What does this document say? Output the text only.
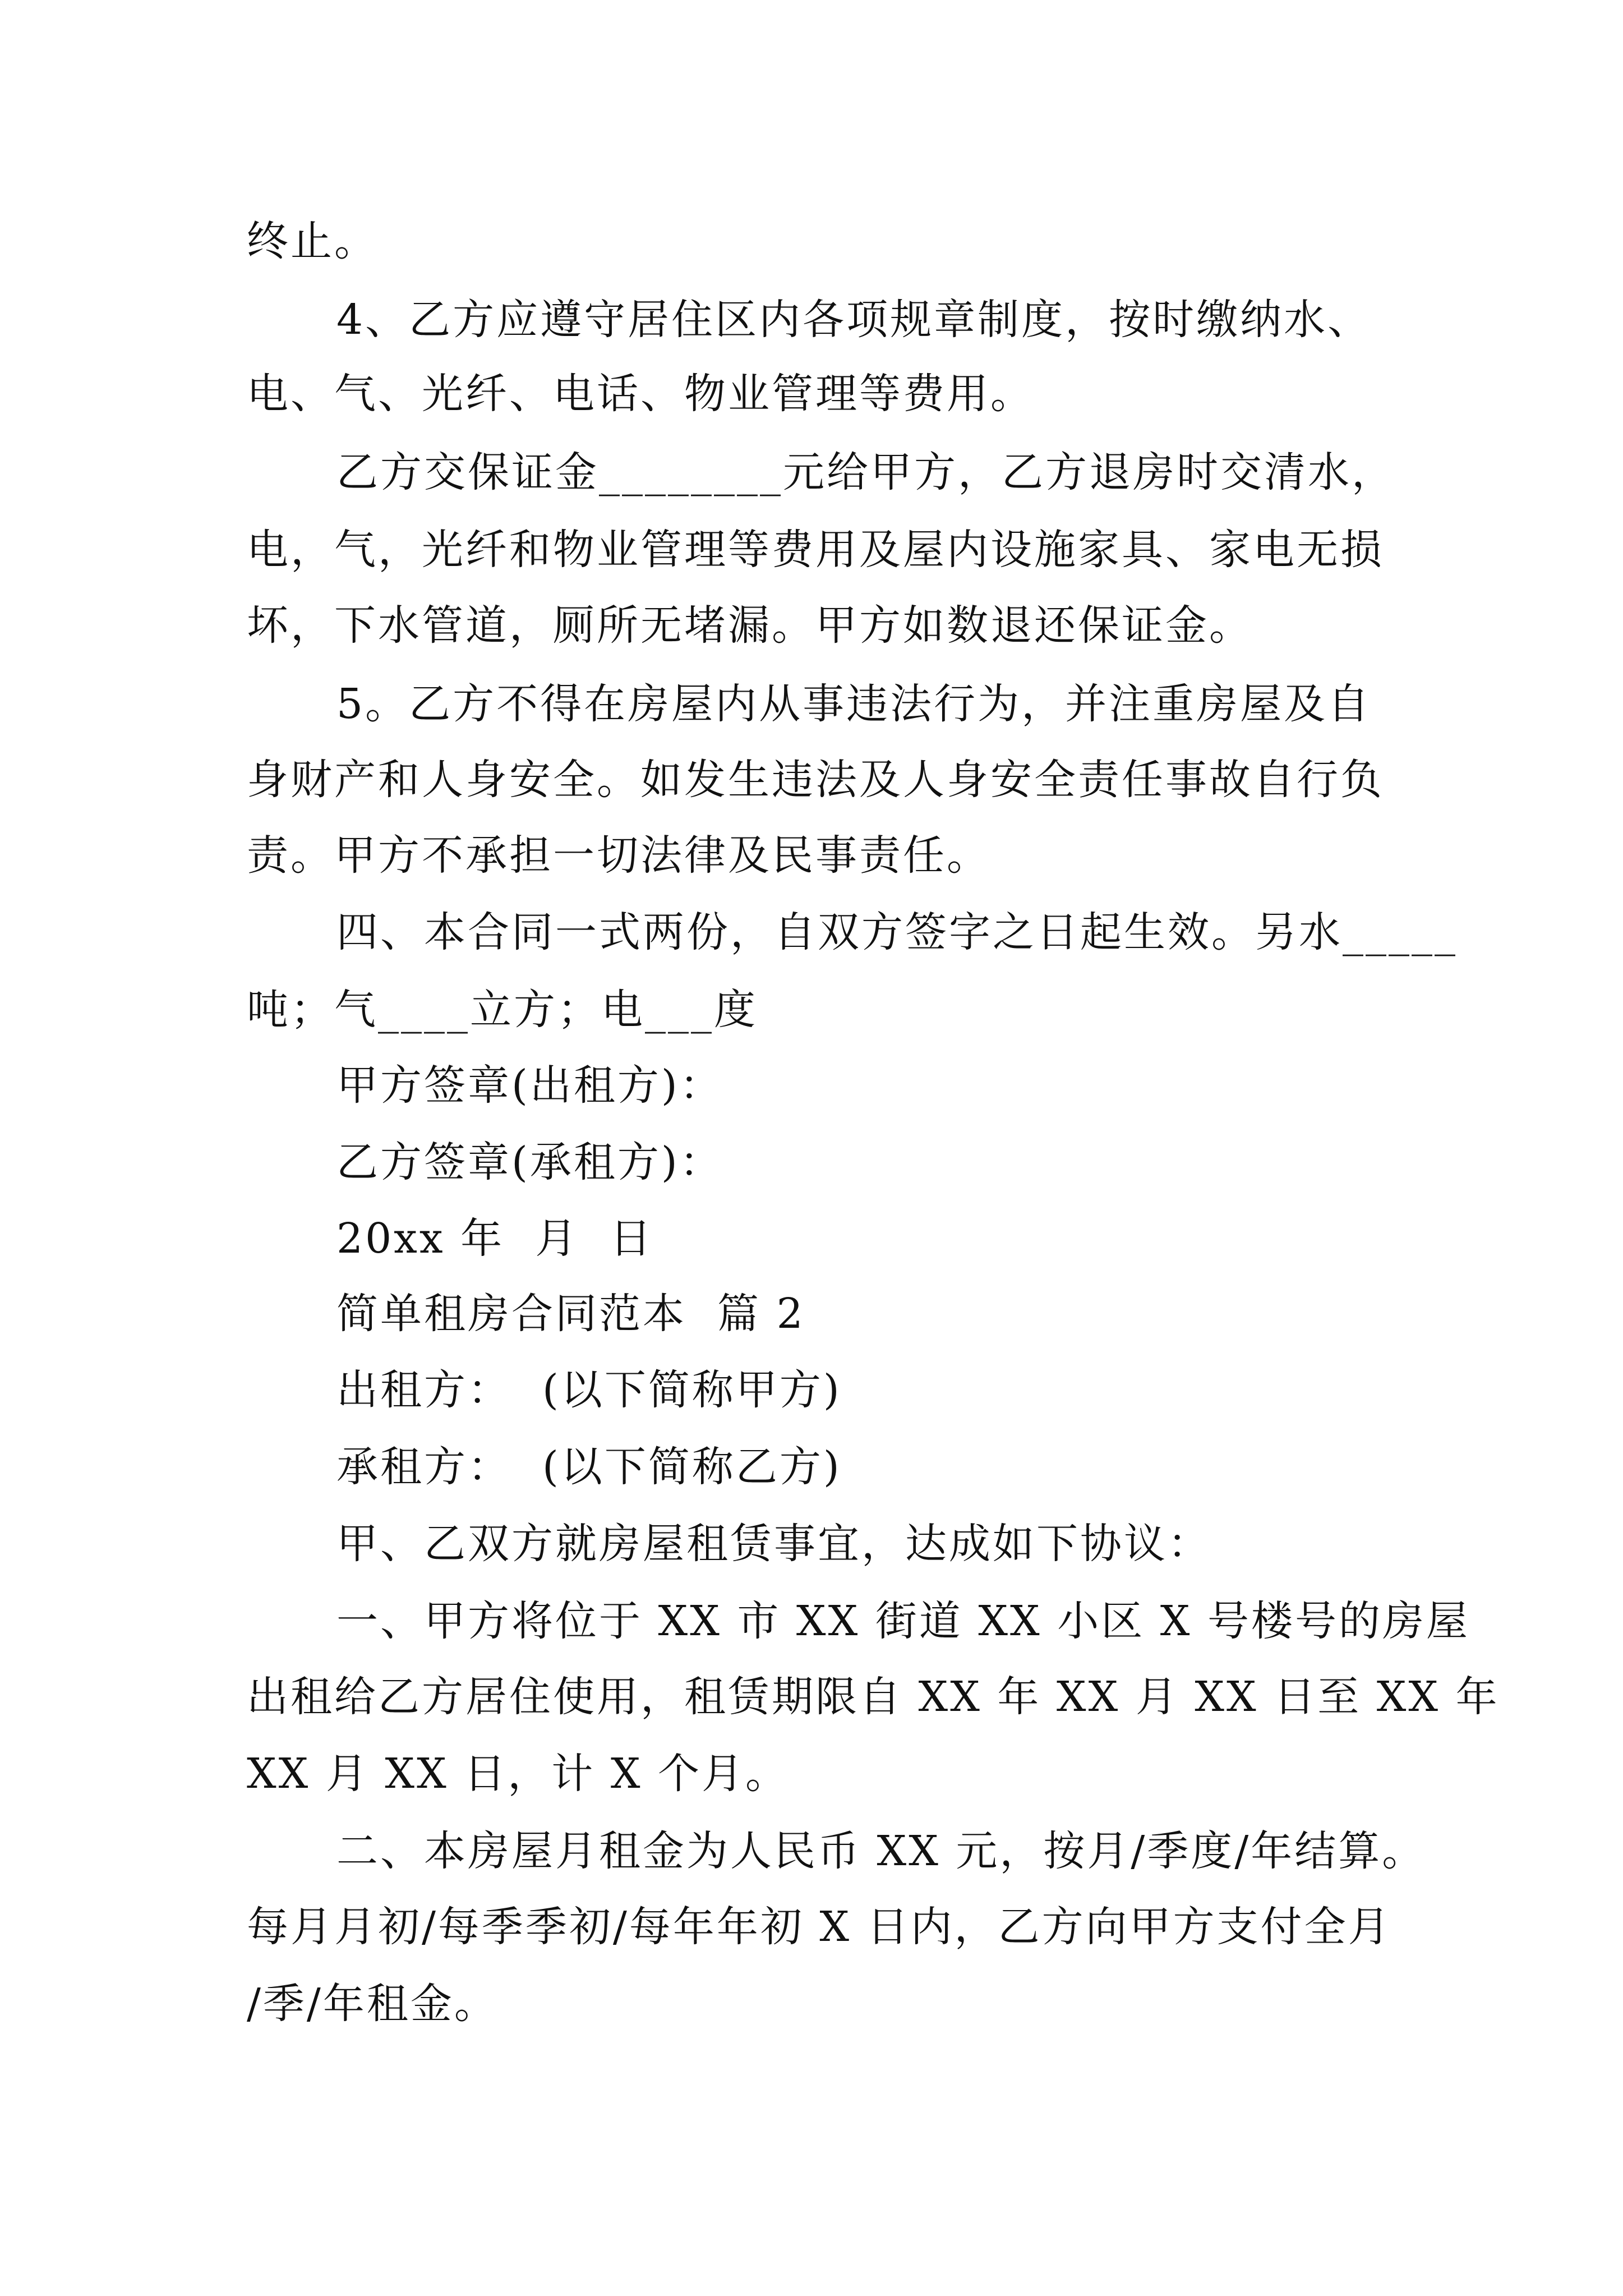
终止。
4、乙方应遵守居住区内各项规章制度，按时缴纳水、
电、气、光纤、电话、物业管理等费用。
乙方交保证金________元给甲方，乙方退房时交清水，
电，气，光纤和物业管理等费用及屋内设施家具、家电无损
坏，下水管道，厕所无堵漏。甲方如数退还保证金。
5。乙方不得在房屋内从事违法行为，并注重房屋及自
身财产和人身安全。如发生违法及人身安全责任事故自行负
责。甲方不承担一切法律及民事责任。
四、本合同一式两份，自双方签字之日起生效。另水_____
吨；气____立方；电___度
甲方签章(出租方)：
乙方签章(承租方)：
20xx 年  月  日
简单租房合同范本  篇 2
出租方：  (以下简称甲方)
承租方：  (以下简称乙方)
甲、乙双方就房屋租赁事宜，达成如下协议：
一、甲方将位于 XX 市 XX 街道 XX 小区 X 号楼号的房屋
出租给乙方居住使用，租赁期限自 XX 年 XX 月 XX 日至 XX 年
XX 月 XX 日，计 X 个月。
二、本房屋月租金为人民币 XX 元，按月/季度/年结算。
每月月初/每季季初/每年年初 X 日内，乙方向甲方支付全月
/季/年租金。
